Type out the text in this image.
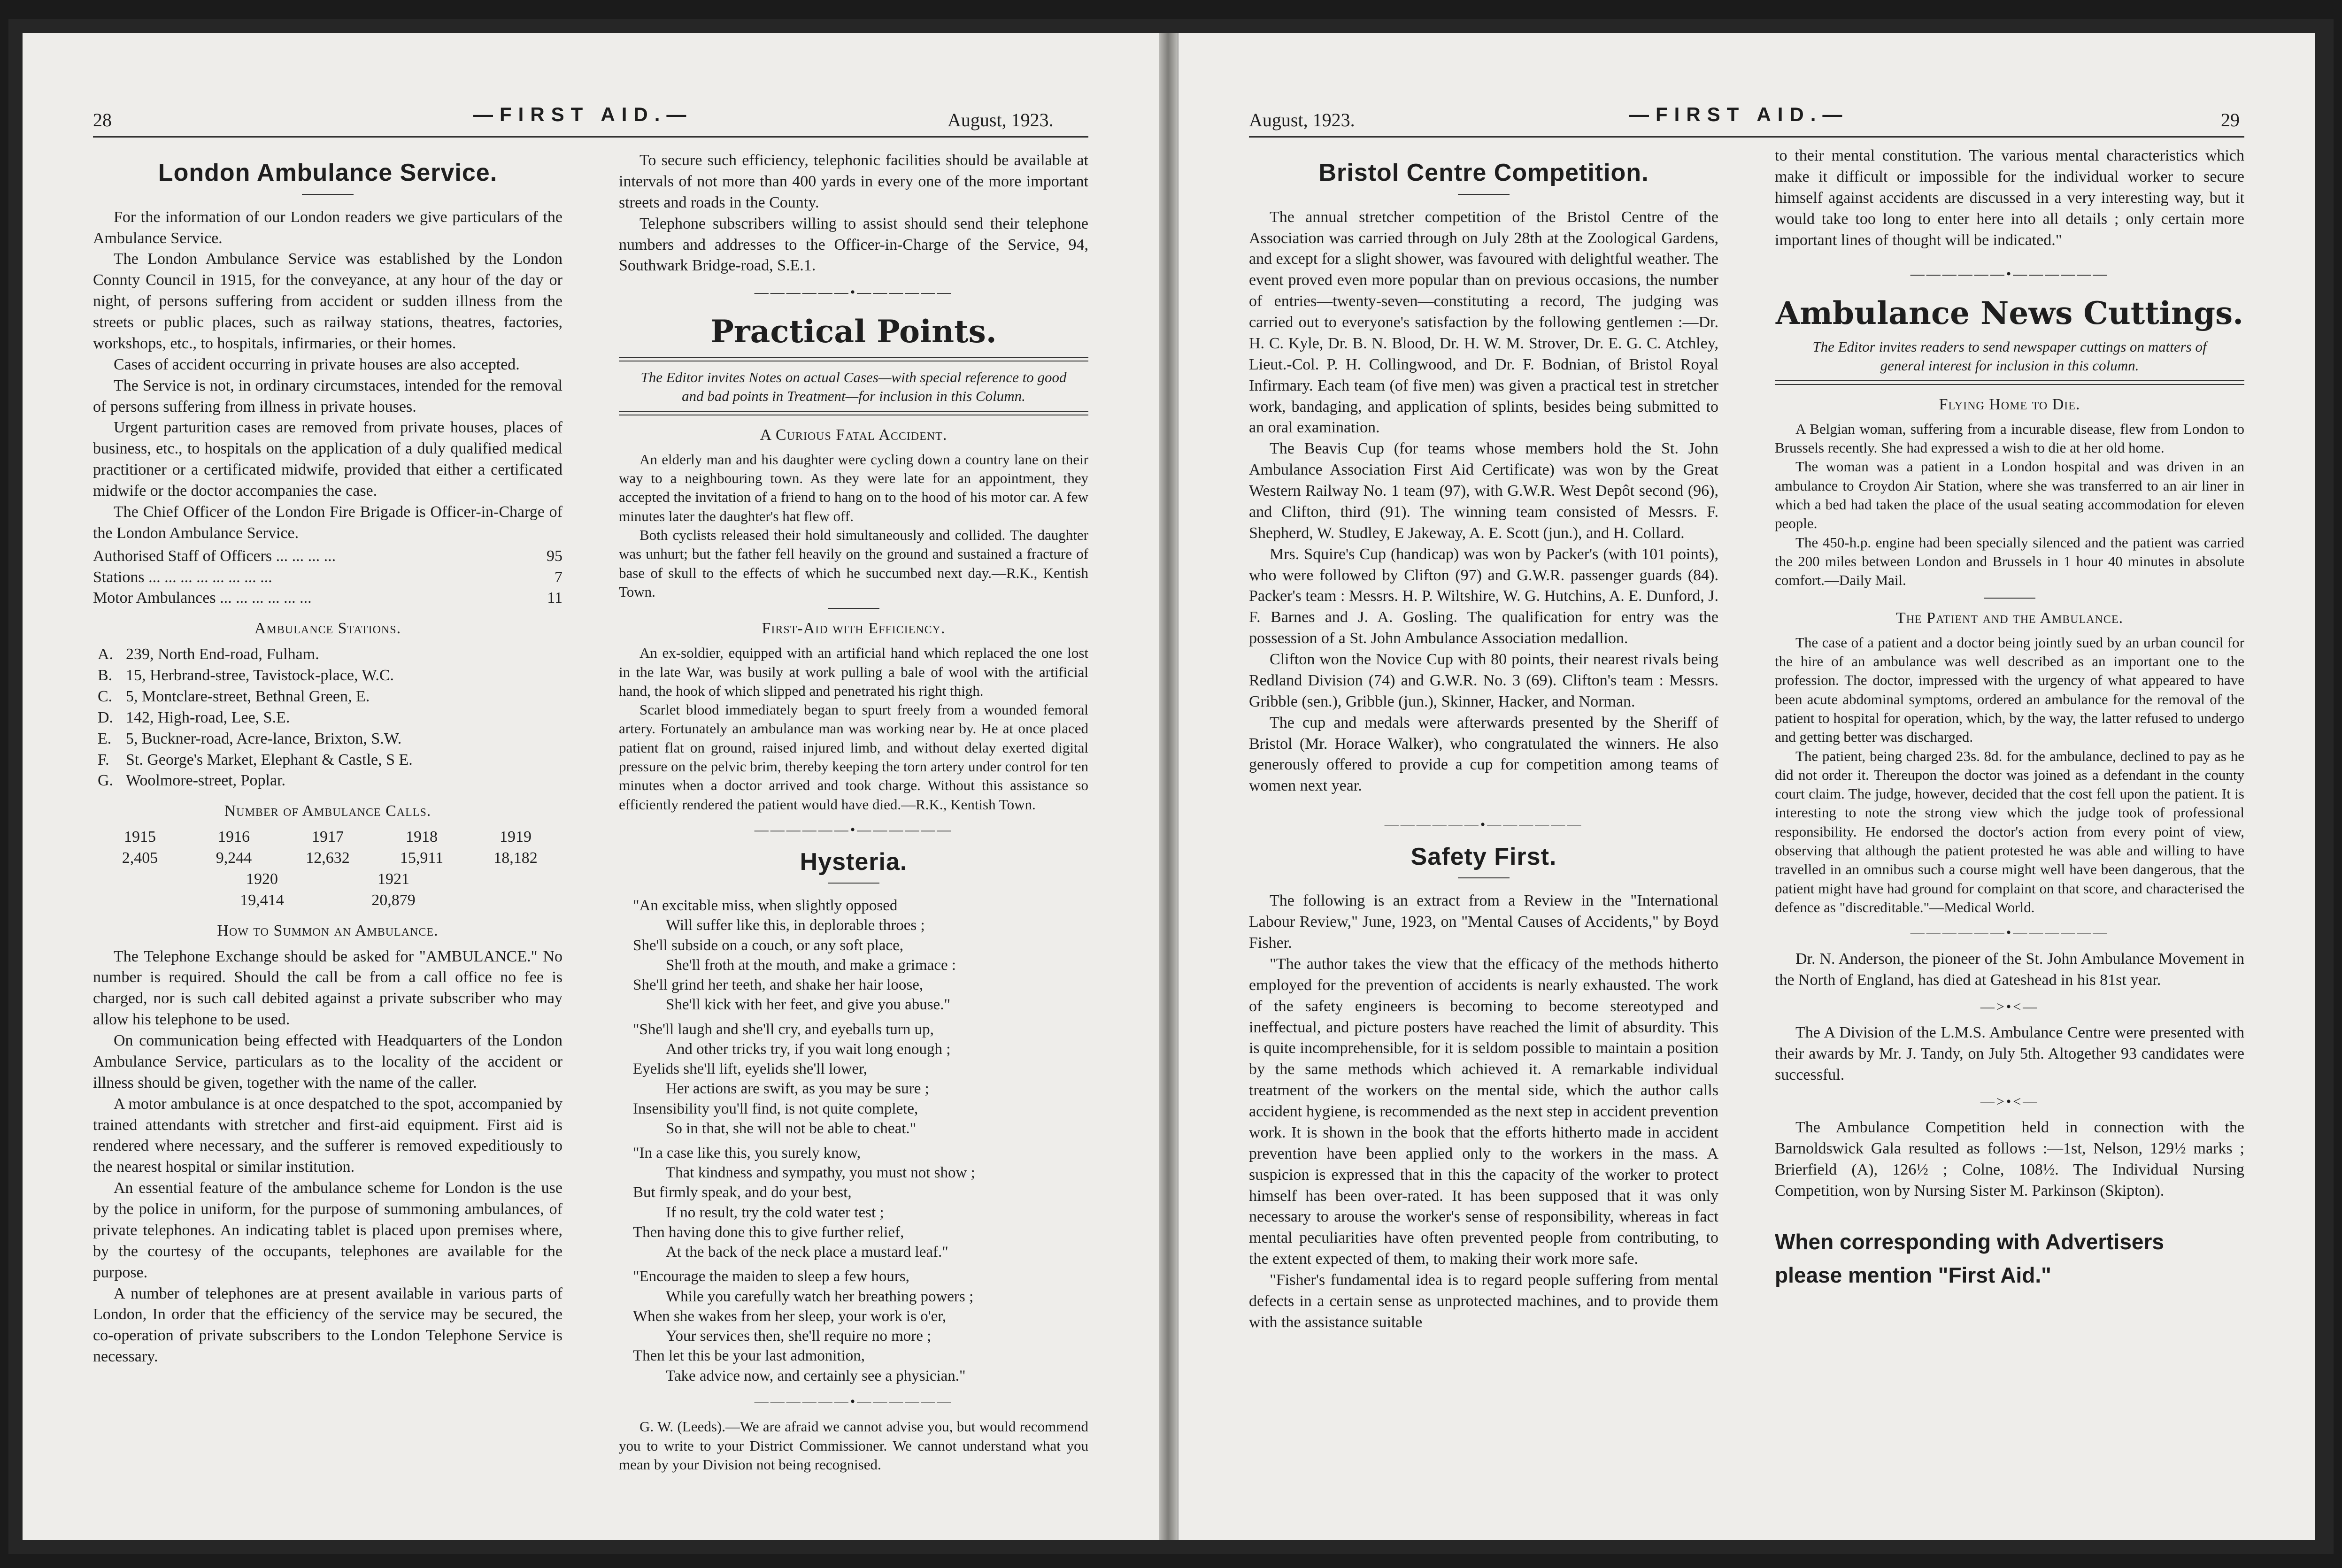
28	—FIRST AID.—	August, 1923.
London Ambulance Service.

For the information of our London readers we give particulars of the Ambulance Service.

The London Ambulance Service was established by the London Connty Council in 1915, for the conveyance, at any hour of the day or night, of persons suffering from accident or sudden illness from the streets or public places, such as railway stations, theatres, factories, workshops, etc., to hospitals, infirmaries, or their homes.

Cases of accident occurring in private houses are also accepted.

The Service is not, in ordinary circumstaces, intended for the removal of persons suffering from illness in private houses.

Urgent parturition cases are removed from private houses, places of business, etc., to hospitals on the application of a duly qualified medical practitioner or a certificated midwife, provided that either a certificated midwife or the doctor accompanies the case.

The Chief Officer of the London Fire Brigade is Officer-in-Charge of the London Ambulance Service.

Authorised Staff of Officers ... ... ... ...	95
Stations ... ... ... ... ... ... ... ...	7
Motor Ambulances ... ... ... ... ... ...	11
Ambulance Stations.
A. 239, North End-road, Fulham.
B. 15, Herbrand-stree, Tavistock-place, W.C.
C. 5, Montclare-street, Bethnal Green, E.
D. 142, High-road, Lee, S.E.
E. 5, Buckner-road, Acre-lance, Brixton, S.W.
F.	St. George's Market, Elephant & Castle, S E.
G. Woolmore-street, Poplar.
Number of Ambulance Calls.
1915	1916	1917	1918	1919
2,405	9,244	12,632	15,911	18,182
1920	1921
19,414	20,879
How to Summon an Ambulance.

The Telephone Exchange should be asked for "AMBULANCE." No number is required. Should the call be from a call office no fee is charged, nor is such call debited against a private subscriber who may allow his telephone to be used.

On communication being effected with Headquarters of the London Ambulance Service, particulars as to the locality of the accident or illness should be given, together with the name of the caller.

A motor ambulance is at once despatched to the spot, accompanied by trained attendants with stretcher and first-aid equipment. First aid is rendered where necessary, and the sufferer is removed expeditiously to the nearest hospital or similar institution.

An essential feature of the ambulance scheme for London is the use by the police in uniform, for the purpose of summoning ambulances, of private telephones. An indicating tablet is placed upon premises where, by the courtesy of the occupants, telephones are available for the purpose.

A number of telephones are at present available in various parts of London, In order that the efficiency of the service may be secured, the co-operation of private subscribers to the London Telephone Service is necessary.

To secure such efficiency, telephonic facilities should be available at intervals of not more than 400 yards in every one of the more important streets and roads in the County.

Telephone subscribers willing to assist should send their telephone numbers and addresses to the Officer-in-Charge of the Service, 94, Southwark Bridge-road, S.E.1.

——————•——————
Practical Points.
The Editor invites Notes on actual Cases—with special reference to good and bad points in Treatment—for inclusion in this Column.
A Curious Fatal Accident.

An elderly man and his daughter were cycling down a country lane on their way to a neighbouring town. As they were late for an appointment, they accepted the invitation of a friend to hang on to the hood of his motor car. A few minutes later the daughter's hat flew off.

Both cyclists released their hold simultaneously and collided. The daughter was unhurt; but the father fell heavily on the ground and sustained a fracture of base of skull to the effects of which he succumbed next day.—R.K., Kentish Town.

First-Aid with Efficiency.

An ex-soldier, equipped with an artificial hand which replaced the one lost in the late War, was busily at work pulling a bale of wool with the artificial hand, the hook of which slipped and penetrated his right thigh.

Scarlet blood immediately began to spurt freely from a wounded femoral artery. Fortunately an ambulance man was working near by. He at once placed patient flat on ground, raised injured limb, and without delay exerted digital pressure on the pelvic brim, thereby keeping the torn artery under control for ten minutes when a doctor arrived and took charge. Without this assistance so efficiently rendered the patient would have died.—R.K., Kentish Town.

——————•——————
Hysteria.
"An excitable miss, when slightly opposed
Will suffer like this, in deplorable throes ;
She'll subside on a couch, or any soft place,
She'll froth at the mouth, and make a grimace :
She'll grind her teeth, and shake her hair loose,
She'll kick with her feet, and give you abuse."
"She'll laugh and she'll cry, and eyeballs turn up,
And other tricks try, if you wait long enough ;
Eyelids she'll lift, eyelids she'll lower,
Her actions are swift, as you may be sure ;
Insensibility you'll find, is not quite complete,
So in that, she will not be able to cheat."
"In a case like this, you surely know,
That kindness and sympathy, you must not show ;
But firmly speak, and do your best,
If no result, try the cold water test ;
Then having done this to give further relief,
At the back of the neck place a mustard leaf."
"Encourage the maiden to sleep a few hours,
While you carefully watch her breathing powers ;
When she wakes from her sleep, your work is o'er,
Your services then, she'll require no more ;
Then let this be your last admonition,
Take advice now, and certainly see a physician."
——————•——————

G. W. (Leeds).—We are afraid we cannot advise you, but would recommend you to write to your District Commissioner. We cannot understand what you mean by your Division not being recognised.

August, 1923.	—FIRST AID.—	29
Bristol Centre Competition.

The annual stretcher competition of the Bristol Centre of the Association was carried through on July 28th at the Zoological Gardens, and except for a slight shower, was favoured with delightful weather. The event proved even more popular than on previous occasions, the number of entries—twenty-seven—constituting a record, The judging was carried out to everyone's satisfaction by the following gentlemen :—Dr. H. C. Kyle, Dr. B. N. Blood, Dr. H. W. M. Strover, Dr. E. G. C. Atchley, Lieut.-Col. P. H. Collingwood, and Dr. F. Bodnian, of Bristol Royal Infirmary. Each team (of five men) was given a practical test in stretcher work, bandaging, and application of splints, besides being submitted to an oral examination.

The Beavis Cup (for teams whose members hold the St. John Ambulance Association First Aid Certificate) was won by the Great Western Railway No. 1 team (97), with G.W.R. West Depôt second (96), and Clifton, third (91). The winning team consisted of Messrs. F. Shepherd, W. Studley, E Jakeway, A. E. Scott (jun.), and H. Collard.

Mrs. Squire's Cup (handicap) was won by Packer's (with 101 points), who were followed by Clifton (97) and G.W.R. passenger guards (84). Packer's team : Messrs. H. P. Wiltshire, W. G. Hutchins, A. E. Dunford, J. F. Barnes and J. A. Gosling. The qualification for entry was the possession of a St. John Ambulance Association medallion.

Clifton won the Novice Cup with 80 points, their nearest rivals being Redland Division (74) and G.W.R. No. 3 (69). Clifton's team : Messrs. Gribble (sen.), Gribble (jun.), Skinner, Hacker, and Norman.

The cup and medals were afterwards presented by the Sheriff of Bristol (Mr. Horace Walker), who congratulated the winners. He also generously offered to provide a cup for competition among teams of women next year.

——————•——————
Safety First.

The following is an extract from a Review in the "International Labour Review," June, 1923, on "Mental Causes of Accidents," by Boyd Fisher.

"The author takes the view that the efficacy of the methods hitherto employed for the prevention of accidents is nearly exhausted. The work of the safety engineers is becoming to become stereotyped and ineffectual, and picture posters have reached the limit of absurdity. This is quite incomprehensible, for it is seldom possible to maintain a position by the same methods which achieved it. A remarkable individual treatment of the workers on the mental side, which the author calls accident hygiene, is recommended as the next step in accident prevention work. It is shown in the book that the efforts hitherto made in accident prevention have been applied only to the workers in the mass. A suspicion is expressed that in this the capacity of the worker to protect himself has been over-rated. It has been supposed that it was only necessary to arouse the worker's sense of responsibility, whereas in fact mental peculiarities have often prevented people from contributing, to the extent expected of them, to making their work more safe.

"Fisher's fundamental idea is to regard people suffering from mental defects in a certain sense as unprotected machines, and to provide them with the assistance suitable

to their mental constitution. The various mental characteristics which make it difficult or impossible for the individual worker to secure himself against accidents are discussed in a very interesting way, but it would take too long to enter here into all details ; only certain more important lines of thought will be indicated."

——————•——————
Ambulance News Cuttings.
The Editor invites readers to send newspaper cuttings on matters of general interest for inclusion in this column.
Flying Home to Die.

A Belgian woman, suffering from a incurable disease, flew from London to Brussels recently. She had expressed a wish to die at her old home.

The woman was a patient in a London hospital and was driven in an ambulance to Croydon Air Station, where she was transferred to an air liner in which a bed had taken the place of the usual seating accommodation for eleven people.

The 450-h.p. engine had been specially silenced and the patient was carried the 200 miles between London and Brussels in 1 hour 40 minutes in absolute comfort.—Daily Mail.

The Patient and the Ambulance.

The case of a patient and a doctor being jointly sued by an urban council for the hire of an ambulance was well described as an important one to the profession. The doctor, impressed with the urgency of what appeared to have been acute abdominal symptoms, ordered an ambulance for the removal of the patient to hospital for operation, which, by the way, the latter refused to undergo and getting better was discharged.

The patient, being charged 23s. 8d. for the ambulance, declined to pay as he did not order it. Thereupon the doctor was joined as a defendant in the county court claim. The judge, however, decided that the cost fell upon the patient. It is interesting to note the strong view which the judge took of professional responsibility. He endorsed the doctor's action from every point of view, observing that although the patient protested he was able and willing to have travelled in an omnibus such a course might well have been dangerous, that the patient might have had ground for complaint on that score, and characterised the defence as "discreditable."—Medical World.

——————•——————

Dr. N. Anderson, the pioneer of the St. John Ambulance Movement in the North of England, has died at Gateshead in his 81st year.

—>•<—

The A Division of the L.M.S. Ambulance Centre were presented with their awards by Mr. J. Tandy, on July 5th. Altogether 93 candidates were successful.

—>•<—

The Ambulance Competition held in connection with the Barnoldswick Gala resulted as follows :—1st, Nelson, 129½ marks ; Brierfield (A), 126½ ; Colne, 108½. The Individual Nursing Competition, won by Nursing Sister M. Parkinson (Skipton).

When corresponding with Advertisers
please mention "First Aid."
